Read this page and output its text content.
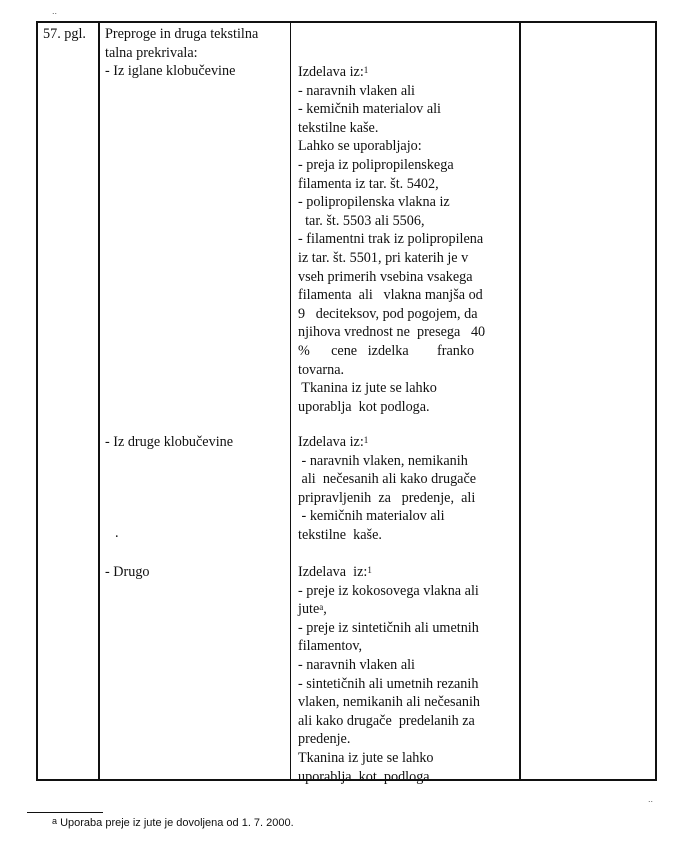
..
..
57. pgl. Preproge in druga tekstilna
talna prekrivala:
- Iz iglane klobučevine
- Iz druge klobučevine
.
- Drugo
Izdelava iz:$^1$
- naravnih vlaken ali
- kemičnih materialov ali
tekstilne kaše.
Lahko se uporabljajo:
- preja iz polipropilenskega
filamenta iz tar. št. 5402,
- polipropilenska vlakna iz
tar. št. 5503 ali 5506,
- filamentni trak iz polipropilena
iz tar. št. 5501, pri katerih je v
vseh primerih vsebina vsakega
filamenta  ali   vlakna manjša od
9   deciteksov, pod pogojem, da
njihova vrednost ne  presega   40
%      cene   izdelka        franko
tovarna.
Tkanina iz jute se lahko
uporablja  kot podloga.
Izdelava iz:$^1$
- naravnih vlaken, nemikanih
ali  nečesanih ali kako drugače
pripravljenih  za   predenje,  ali
- kemičnih materialov ali
tekstilne  kaše.
Izdelava  iz:$^1$
- preje iz kokosovega vlakna ali
jute$^a$,
- preje iz sintetičnih ali umetnih
filamentov,
- naravnih vlaken ali
- sintetičnih ali umetnih rezanih
vlaken, nemikanih ali nečesanih
ali kako drugače  predelanih za
predenje.
Tkanina iz jute se lahko
uporablja  kot  podloga.
$^a$ Uporaba preje iz jute je dovoljena od 1. 7. 2000.
